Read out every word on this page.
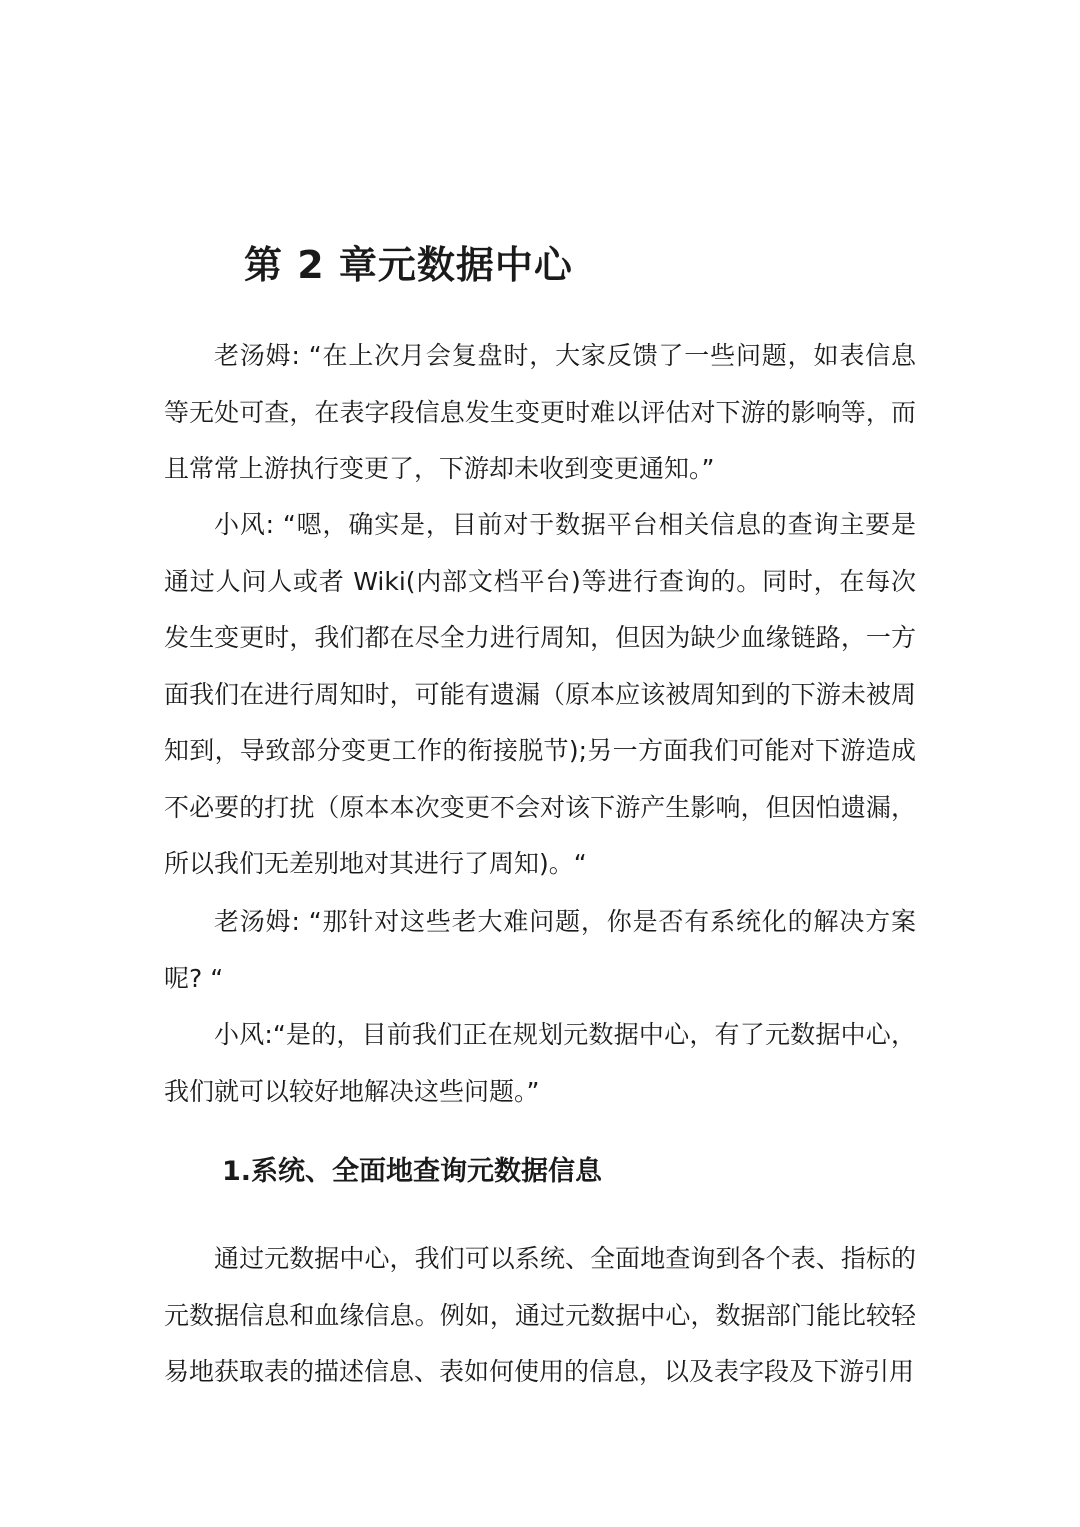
第 2 章元数据中心

老汤姆: “在上次月会复盘时，大家反馈了一些问题，如表信息等无处可查，在表字段信息发生变更时难以评估对下游的影响等，而且常常上游执行变更了，下游却未收到变更通知。”

小风: “嗯，确实是，目前对于数据平台相关信息的查询主要是通过人问人或者 Wiki(内部文档平台)等进行查询的。同时，在每次发生变更时，我们都在尽全力进行周知，但因为缺少血缘链路，一方面我们在进行周知时，可能有遗漏（原本应该被周知到的下游未被周知到，导致部分变更工作的衔接脱节);另一方面我们可能对下游造成不必要的打扰（原本本次变更不会对该下游产生影响，但因怕遗漏，所以我们无差别地对其进行了周知)。“

老汤姆: “那针对这些老大难问题，你是否有系统化的解决方案呢? “

小风:“是的，目前我们正在规划元数据中心，有了元数据中心，我们就可以较好地解决这些问题。”

1.系统、全面地查询元数据信息

通过元数据中心，我们可以系统、全面地查询到各个表、指标的元数据信息和血缘信息。例如，通过元数据中心，数据部门能比较轻易地获取表的描述信息、表如何使用的信息，以及表字段及下游引用
